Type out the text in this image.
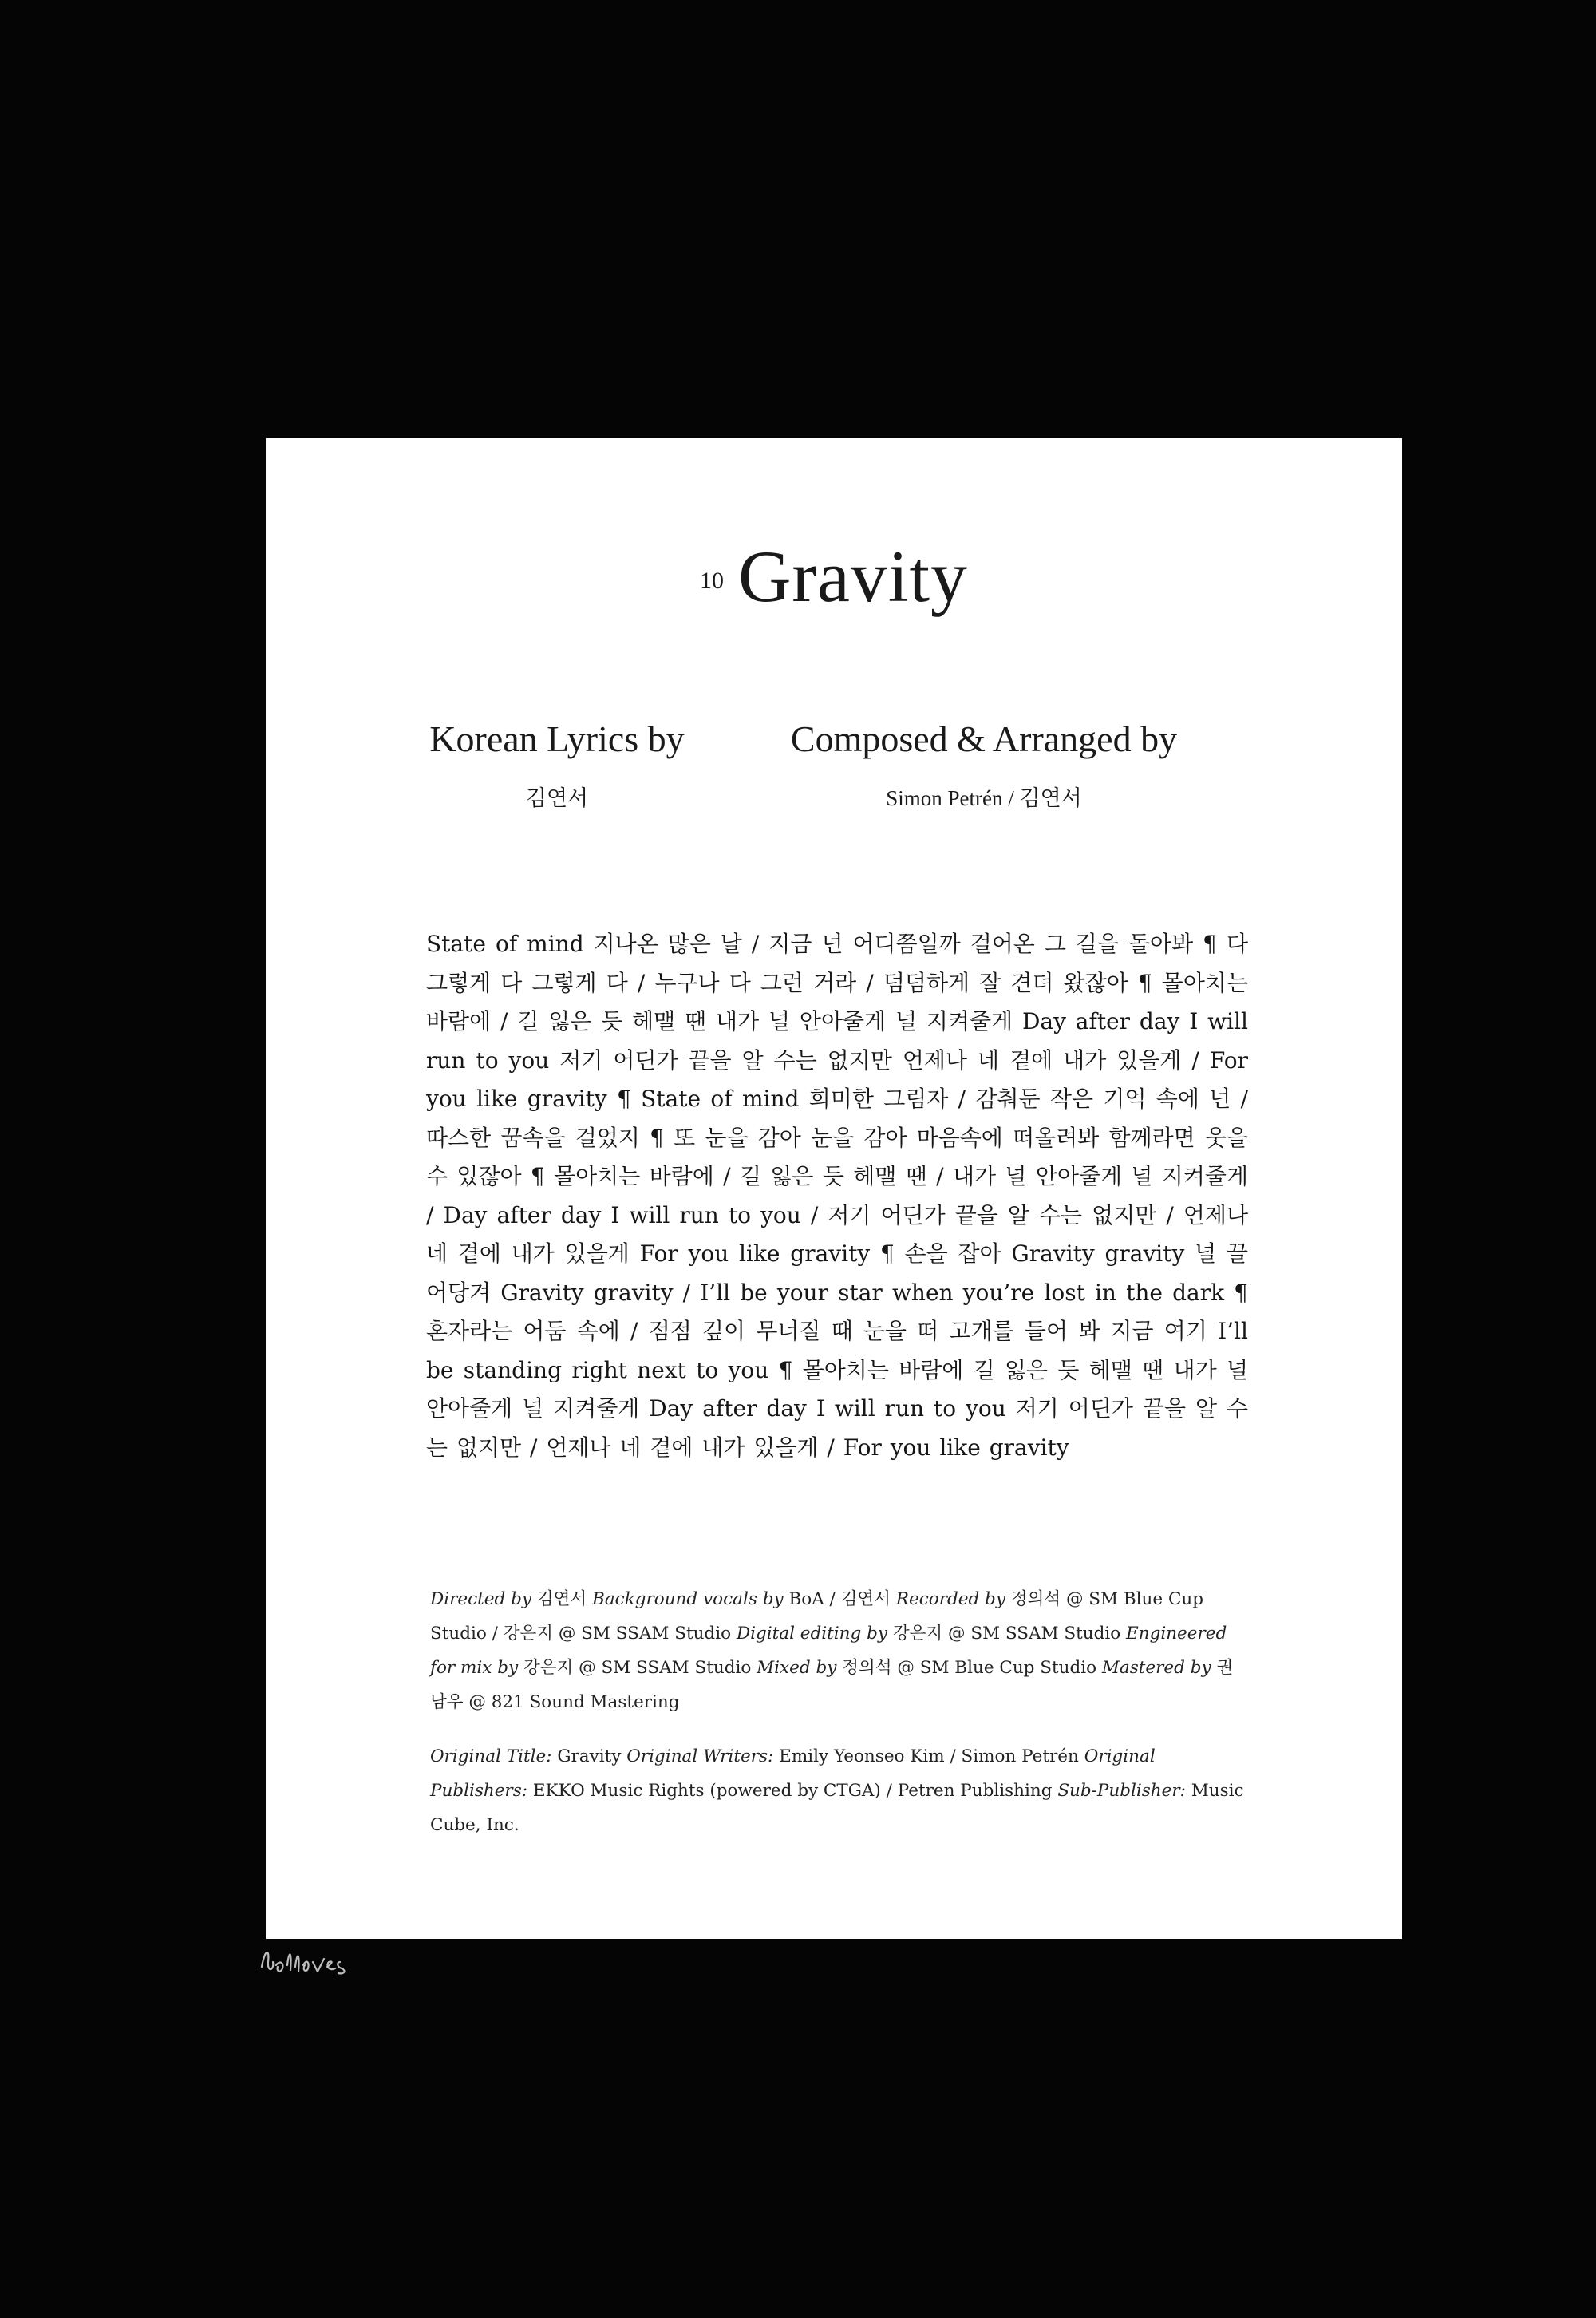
10 Gravity
Korean Lyrics by
김연서
Composed & Arranged by
Simon Petrén / 김연서
State of mind 지나온 많은 날 / 지금 넌 어디쯤일까 걸어온 그 길을 돌아봐 ¶ 다 그렇게 다 그렇게 다 / 누구나 다 그런 거라 / 덤덤하게 잘 견뎌 왔잖아 ¶ 몰아치는 바람에 / 길 잃은 듯 헤맬 땐 내가 널 안아줄게 널 지켜줄게 Day after day I will run to you 저기 어딘가 끝을 알 수는 없지만 언제나 네 곁에 내가 있을게 / For you like gravity ¶ State of mind 희미한 그림자 / 감춰둔 작은 기억 속에 넌 / 따스한 꿈속을 걸었지 ¶ 또 눈을 감아 눈을 감아 마음속에 떠올려봐 함께라면 웃을 수 있잖아 ¶ 몰아치는 바람에 / 길 잃은 듯 헤맬 땐 / 내가 널 안아줄게 널 지켜줄게 / Day after day I will run to you / 저기 어딘가 끝을 알 수는 없지만 / 언제나 네 곁에 내가 있을게 For you like gravity ¶ 손을 잡아 Gravity gravity 널 끌어당겨 Gravity gravity / I’ll be your star when you’re lost in the dark ¶ 혼자라는 어둠 속에 / 점점 깊이 무너질 때 눈을 떠 고개를 들어 봐 지금 여기 I’ll be standing right next to you ¶ 몰아치는 바람에 길 잃은 듯 헤맬 땐 내가 널 안아줄게 널 지켜줄게 Day after day I will run to you 저기 어딘가 끝을 알 수는 없지만 / 언제나 네 곁에 내가 있을게 / For you like gravity
Directed by 김연서 Background vocals by BoA / 김연서 Recorded by 정의석 @ SM Blue Cup Studio / 강은지 @ SM SSAM Studio Digital editing by 강은지 @ SM SSAM Studio Engineered for mix by 강은지 @ SM SSAM Studio Mixed by 정의석 @ SM Blue Cup Studio Mastered by 권남우 @ 821 Sound Mastering
Original Title: Gravity Original Writers: Emily Yeonseo Kim / Simon Petrén Original Publishers: EKKO Music Rights (powered by CTGA) / Petren Publishing Sub-Publisher: Music Cube, Inc.
